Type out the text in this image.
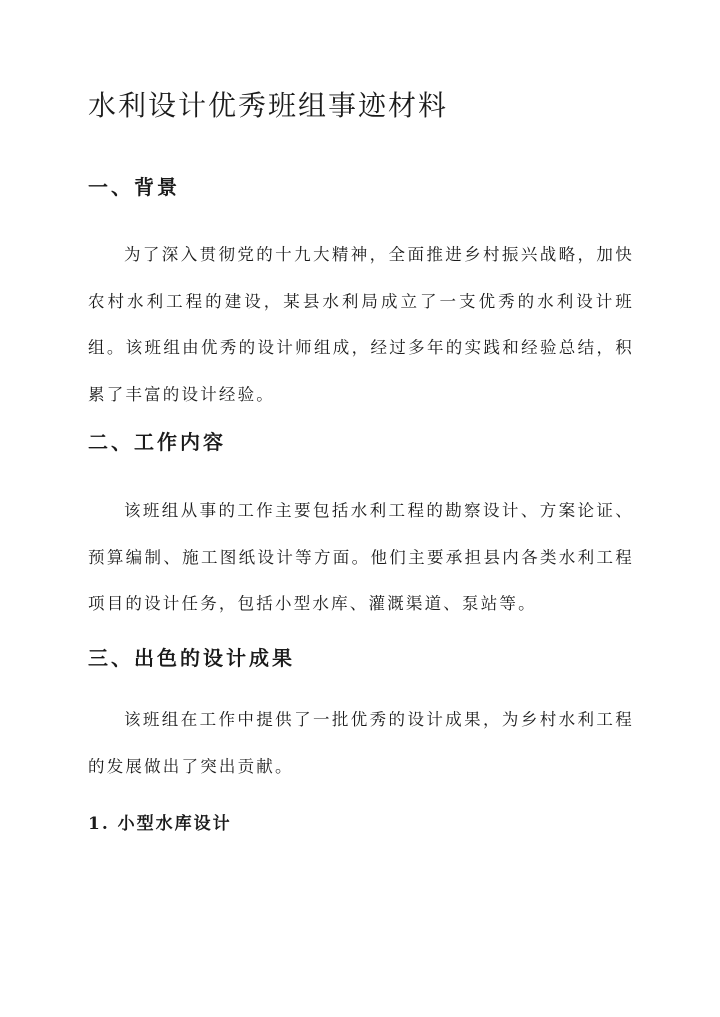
水利设计优秀班组事迹材料
一、背景

为了深入贯彻党的十九大精神，全面推进乡村振兴战略，加快农村水利工程的建设，某县水利局成立了一支优秀的水利设计班组。该班组由优秀的设计师组成，经过多年的实践和经验总结，积累了丰富的设计经验。

二、工作内容

该班组从事的工作主要包括水利工程的勘察设计、方案论证、预算编制、施工图纸设计等方面。他们主要承担县内各类水利工程项目的设计任务，包括小型水库、灌溉渠道、泵站等。

三、出色的设计成果

该班组在工作中提供了一批优秀的设计成果，为乡村水利工程的发展做出了突出贡献。

1. 小型水库设计
